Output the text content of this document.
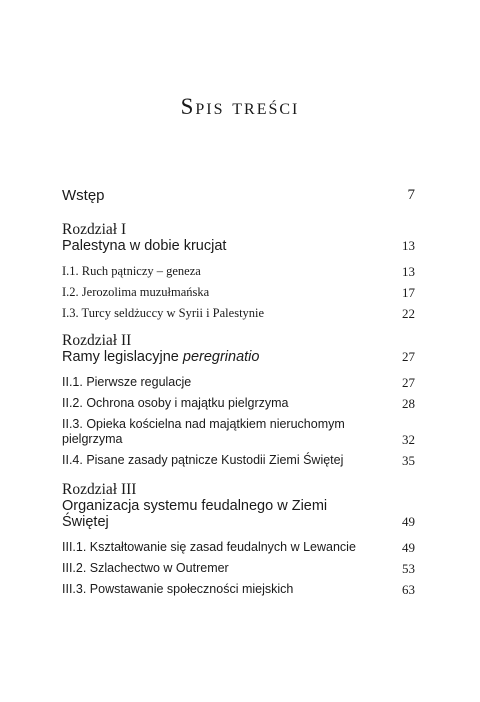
Spis treści
Wstęp	7
Rozdział I
Palestyna w dobie krucjat	13
I.1. Ruch pątniczy – geneza	13
I.2. Jerozolima muzułmańska	17
I.3. Turcy seldżuccy w Syrii i Palestynie	22
Rozdział II
Ramy legislacyjne peregrinatio	27
II.1. Pierwsze regulacje	27
II.2. Ochrona osoby i majątku pielgrzyma	28
II.3. Opieka kościelna nad majątkiem nieruchomym pielgrzyma	32
II.4. Pisane zasady pątnicze Kustodii Ziemi Świętej	35
Rozdział III
Organizacja systemu feudalnego w Ziemi Świętej	49
III.1. Kształtowanie się zasad feudalnych w Lewancie	49
III.2. Szlachectwo w Outremer	53
III.3. Powstawanie społeczności miejskich	63
